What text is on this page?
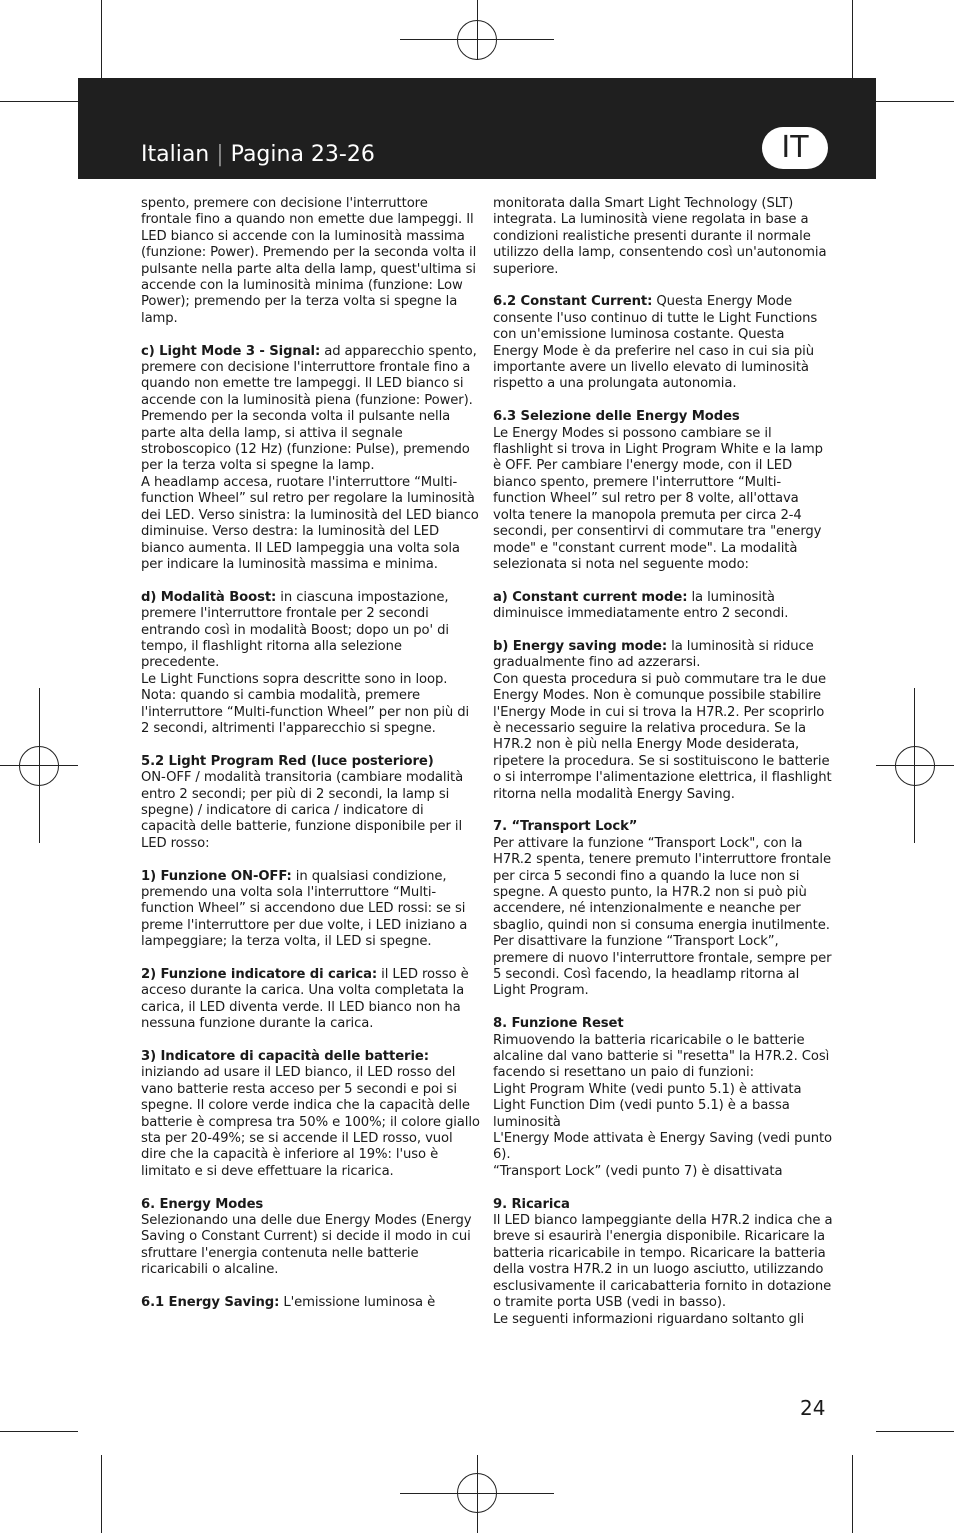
Italian | Pagina 23-26	IT

spento, premere con decisione l'interruttore frontale fino a quando non emette due lampeggi. Il LED bianco si accende con la luminosità massima (funzione: Power). Premendo per la seconda volta il pulsante nella parte alta della lamp, quest'ultima si accende con la luminosità minima (funzione: Low Power); premendo per la terza volta si spegne la lamp.

c) Light Mode 3 - Signal: ad apparecchio spento, premere con decisione l'interruttore frontale fino a quando non emette tre lampeggi. Il LED bianco si accende con la luminosità piena (funzione: Power). Premendo per la seconda volta il pulsante nella parte alta della lamp, si attiva il segnale stroboscopico (12 Hz) (funzione: Pulse), premendo per la terza volta si spegne la lamp.

A headlamp accesa, ruotare l'interruttore “Multi-function Wheel” sul retro per regolare la luminosità dei LED. Verso sinistra: la luminosità del LED bianco diminuise. Verso destra: la luminosità del LED bianco aumenta. Il LED lampeggia una volta sola per indicare la luminosità massima e minima.

d) Modalità Boost: in ciascuna impostazione, premere l'interruttore frontale per 2 secondi entrando così in modalità Boost; dopo un po' di tempo, il flashlight ritorna alla selezione precedente.

Le Light Functions sopra descritte sono in loop. Nota: quando si cambia modalità, premere l'interruttore “Multi-function Wheel” per non più di 2 secondi, altrimenti l'apparecchio si spegne.

5.2 Light Program Red (luce posteriore)

ON-OFF / modalità transitoria (cambiare modalità entro 2 secondi; per più di 2 secondi, la lamp si spegne) / indicatore di carica / indicatore di capacità delle batterie, funzione disponibile per il LED rosso:

1) Funzione ON-OFF: in qualsiasi condizione, premendo una volta sola l'interruttore “Multi-function Wheel” si accendono due LED rossi: se si preme l'interruttore per due volte, i LED iniziano a lampeggiare; la terza volta, il LED si spegne.

2) Funzione indicatore di carica: il LED rosso è acceso durante la carica. Una volta completata la carica, il LED diventa verde. Il LED bianco non ha nessuna funzione durante la carica.

3) Indicatore di capacità delle batterie:

iniziando ad usare il LED bianco, il LED rosso del vano batterie resta acceso per 5 secondi e poi si spegne. Il colore verde indica che la capacità delle batterie è compresa tra 50% e 100%; il colore giallo sta per 20-49%; se si accende il LED rosso, vuol dire che la capacità è inferiore al 19%: l'uso è limitato e si deve effettuare la ricarica.

6. Energy Modes

Selezionando una delle due Energy Modes (Energy Saving o Constant Current) si decide il modo in cui sfruttare l'energia contenuta nelle batterie ricaricabili o alcaline.

6.1 Energy Saving: L'emissione luminosa è

monitorata dalla Smart Light Technology (SLT) integrata. La luminosità viene regolata in base a condizioni realistiche presenti durante il normale utilizzo della lamp, consentendo così un'autonomia superiore.

6.2 Constant Current: Questa Energy Mode consente l'uso continuo di tutte le Light Functions con un'emissione luminosa costante. Questa Energy Mode è da preferire nel caso in cui sia più importante avere un livello elevato di luminosità rispetto a una prolungata autonomia.

6.3 Selezione delle Energy Modes

Le Energy Modes si possono cambiare se il flashlight si trova in Light Program White e la lamp è OFF. Per cambiare l'energy mode, con il LED bianco spento, premere l'interruttore “Multi-function Wheel” sul retro per 8 volte, all'ottava volta tenere la manopola premuta per circa 2-4 secondi, per consentirvi di commutare tra "energy mode" e "constant current mode". La modalità selezionata si nota nel seguente modo:

a) Constant current mode: la luminosità diminuisce immediatamente entro 2 secondi.

b) Energy saving mode: la luminosità si riduce gradualmente fino ad azzerarsi.

Con questa procedura si può commutare tra le due Energy Modes. Non è comunque possibile stabilire l'Energy Mode in cui si trova la H7R.2. Per scoprirlo è necessario seguire la relativa procedura. Se la H7R.2 non è più nella Energy Mode desiderata, ripetere la procedura. Se si sostituiscono le batterie o si interrompe l'alimentazione elettrica, il flashlight ritorna nella modalità Energy Saving.

7. “Transport Lock”

Per attivare la funzione “Transport Lock", con la H7R.2 spenta, tenere premuto l'interruttore frontale per circa 5 secondi fino a quando la luce non si spegne. A questo punto, la H7R.2 non si può più accendere, né intenzionalmente e neanche per sbaglio, quindi non si consuma energia inutilmente.

Per disattivare la funzione “Transport Lock”, premere di nuovo l'interruttore frontale, sempre per 5 secondi. Così facendo, la headlamp ritorna al Light Program.

8. Funzione Reset

Rimuovendo la batteria ricaricabile o le batterie alcaline dal vano batterie si "resetta" la H7R.2. Così facendo si resettano un paio di funzioni:

Light Program White (vedi punto 5.1) è attivata

Light Function Dim (vedi punto 5.1) è a bassa luminosità

L'Energy Mode attivata è Energy Saving (vedi punto 6).

“Transport Lock” (vedi punto 7) è disattivata

9. Ricarica

Il LED bianco lampeggiante della H7R.2 indica che a breve si esaurirà l'energia disponibile. Ricaricare la batteria ricaricabile in tempo. Ricaricare la batteria della vostra H7R.2 in un luogo asciutto, utilizzando esclusivamente il caricabatteria fornito in dotazione o tramite porta USB (vedi in basso).

Le seguenti informazioni riguardano soltanto gli

24
